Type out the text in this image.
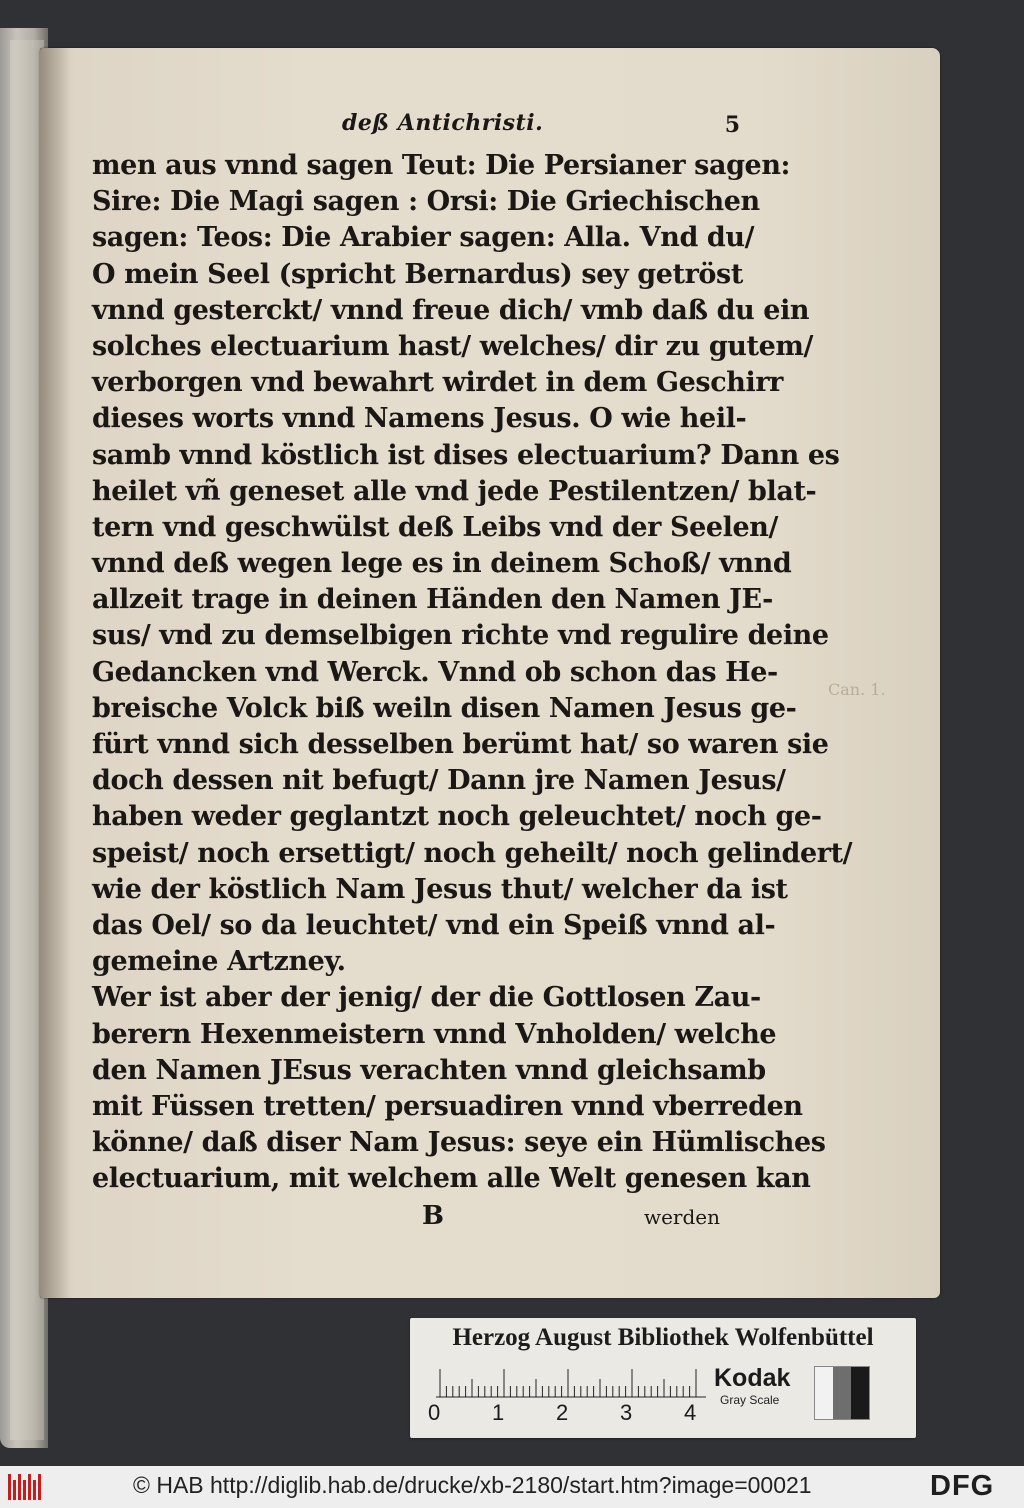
Can. 1.
deß Antichristi.	5
men aus vnnd sagen Teut: Die Persianer sagen:
Sire: Die Magi sagen : Orsi: Die Griechischen
sagen: Teos: Die Arabier sagen: Alla. Vnd du/
O mein Seel (spricht Bernardus) sey getröst
vnnd gesterckt/ vnnd freue dich/ vmb daß du ein
solches electuarium hast/ welches/ dir zu gutem/
verborgen vnd bewahrt wirdet in dem Geschirr
dieses worts vnnd Namens Jesus. O wie heil-
samb vnnd köstlich ist dises electuarium? Dann es
heilet vñ geneset alle vnd jede Pestilentzen/ blat-
tern vnd geschwülst deß Leibs vnd der Seelen/
vnnd deß wegen lege es in deinem Schoß/ vnnd
allzeit trage in deinen Händen den Namen JE-
sus/ vnd zu demselbigen richte vnd regulire deine
Gedancken vnd Werck. Vnnd ob schon das He-
breische Volck biß weiln disen Namen Jesus ge-
fürt vnnd sich desselben berümt hat/ so waren sie
doch dessen nit befugt/ Dann jre Namen Jesus/
haben weder geglantzt noch geleuchtet/ noch ge-
speist/ noch ersettigt/ noch geheilt/ noch gelindert/
wie der köstlich Nam Jesus thut/ welcher da ist
das Oel/ so da leuchtet/ vnd ein Speiß vnnd al-
gemeine Artzney.
Wer ist aber der jenig/ der die Gottlosen Zau-
berern Hexenmeistern vnnd Vnholden/ welche
den Namen JEsus verachten vnnd gleichsamb
mit Füssen tretten/ persuadiren vnnd vberreden
könne/ daß diser Nam Jesus: seye ein Hümlisches
electuarium, mit welchem alle Welt genesen kan
B	werden
Herzog August Bibliothek Wolfenbüttel
0 1 2 3 4
Kodak
Gray Scale
© HAB http://diglib.hab.de/drucke/xb-2180/start.htm?image=00021	DFG
